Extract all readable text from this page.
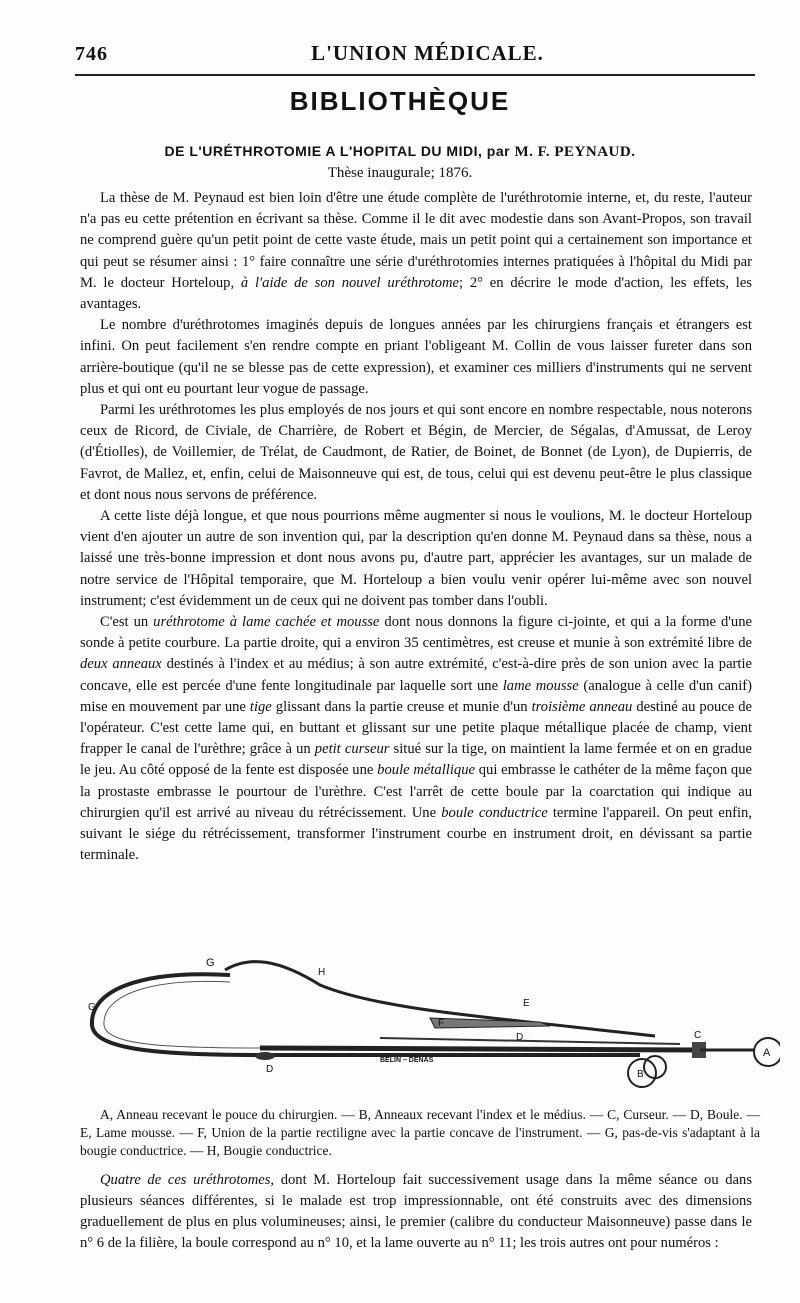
746	L'UNION MÉDICALE.
BIBLIOTHÈQUE
DE L'URÉTHROTOMIE A L'HOPITAL DU MIDI, par M. F. PEYNAUD.
Thèse inaugurale; 1876.

La thèse de M. Peynaud est bien loin d'être une étude complète de l'uréthrotomie interne, et, du reste, l'auteur n'a pas eu cette prétention en écrivant sa thèse. Comme il le dit avec modestie dans son Avant-Propos, son travail ne comprend guère qu'un petit point de cette vaste étude, mais un petit point qui a certainement son importance et qui peut se résumer ainsi : 1° faire connaître une série d'uréthrotomies internes pratiquées à l'hôpital du Midi par M. le docteur Horteloup, à l'aide de son nouvel uréthrotome; 2° en décrire le mode d'action, les effets, les avantages.

Le nombre d'uréthrotomes imaginés depuis de longues années par les chirurgiens français et étrangers est infini. On peut facilement s'en rendre compte en priant l'obligeant M. Collin de vous laisser fureter dans son arrière-boutique (qu'il ne se blesse pas de cette expression), et examiner ces milliers d'instruments qui ne servent plus et qui ont eu pourtant leur vogue de passage.

Parmi les uréthrotomes les plus employés de nos jours et qui sont encore en nombre respectable, nous noterons ceux de Ricord, de Civiale, de Charrière, de Robert et Bégin, de Mercier, de Ségalas, d'Amussat, de Leroy (d'Étiolles), de Voillemier, de Trélat, de Caudmont, de Ratier, de Boinet, de Bonnet (de Lyon), de Dupierris, de Favrot, de Mallez, et, enfin, celui de Maisonneuve qui est, de tous, celui qui est devenu peut-être le plus classique et dont nous nous servons de préférence.

A cette liste déjà longue, et que nous pourrions même augmenter si nous le voulions, M. le docteur Horteloup vient d'en ajouter un autre de son invention qui, par la description qu'en donne M. Peynaud dans sa thèse, nous a laissé une très-bonne impression et dont nous avons pu, d'autre part, apprécier les avantages, sur un malade de notre service de l'Hôpital temporaire, que M. Horteloup a bien voulu venir opérer lui-même avec son nouvel instrument; c'est évidemment un de ceux qui ne doivent pas tomber dans l'oubli.

C'est un uréthrotome à lame cachée et mousse dont nous donnons la figure ci-jointe, et qui a la forme d'une sonde à petite courbure. La partie droite, qui a environ 35 centimètres, est creuse et munie à son extrémité libre de deux anneaux destinés à l'index et au médius; à son autre extrémité, c'est-à-dire près de son union avec la partie concave, elle est percée d'une fente longitudinale par laquelle sort une lame mousse (analogue à celle d'un canif) mise en mouvement par une tige glissant dans la partie creuse et munie d'un troisième anneau destiné au pouce de l'opérateur. C'est cette lame qui, en buttant et glissant sur une petite plaque métallique placée de champ, vient frapper le canal de l'urèthre; grâce à un petit curseur situé sur la tige, on maintient la lame fermée et on en gradue le jeu. Au côté opposé de la fente est disposée une boule métallique qui embrasse le cathéter de la même façon que la prostaste embrasse le pourtour de l'urèthre. C'est l'arrêt de cette boule par la coarctation qui indique au chirurgien qu'il est arrivé au niveau du rétrécissement. Une boule conductrice termine l'appareil. On peut enfin, suivant le siége du rétrécissement, transformer l'instrument courbe en instrument droit, en dévissant sa partie terminale.

G
H
E
F
D	C
A
B
G
D
BELIN – DENAS

A, Anneau recevant le pouce du chirurgien. — B, Anneaux recevant l'index et le médius. — C, Curseur. — D, Boule. — E, Lame mousse. — F, Union de la partie rectiligne avec la partie concave de l'instrument. — G, pas-de-vis s'adaptant à la bougie conductrice. — H, Bougie conductrice.

Quatre de ces uréthrotomes, dont M. Horteloup fait successivement usage dans la même séance ou dans plusieurs séances différentes, si le malade est trop impressionnable, ont été construits avec des dimensions graduellement de plus en plus volumineuses; ainsi, le premier (calibre du conducteur Maisonneuve) passe dans le n° 6 de la filière, la boule correspond au n° 10, et la lame ouverte au n° 11; les trois autres ont pour numéros :
